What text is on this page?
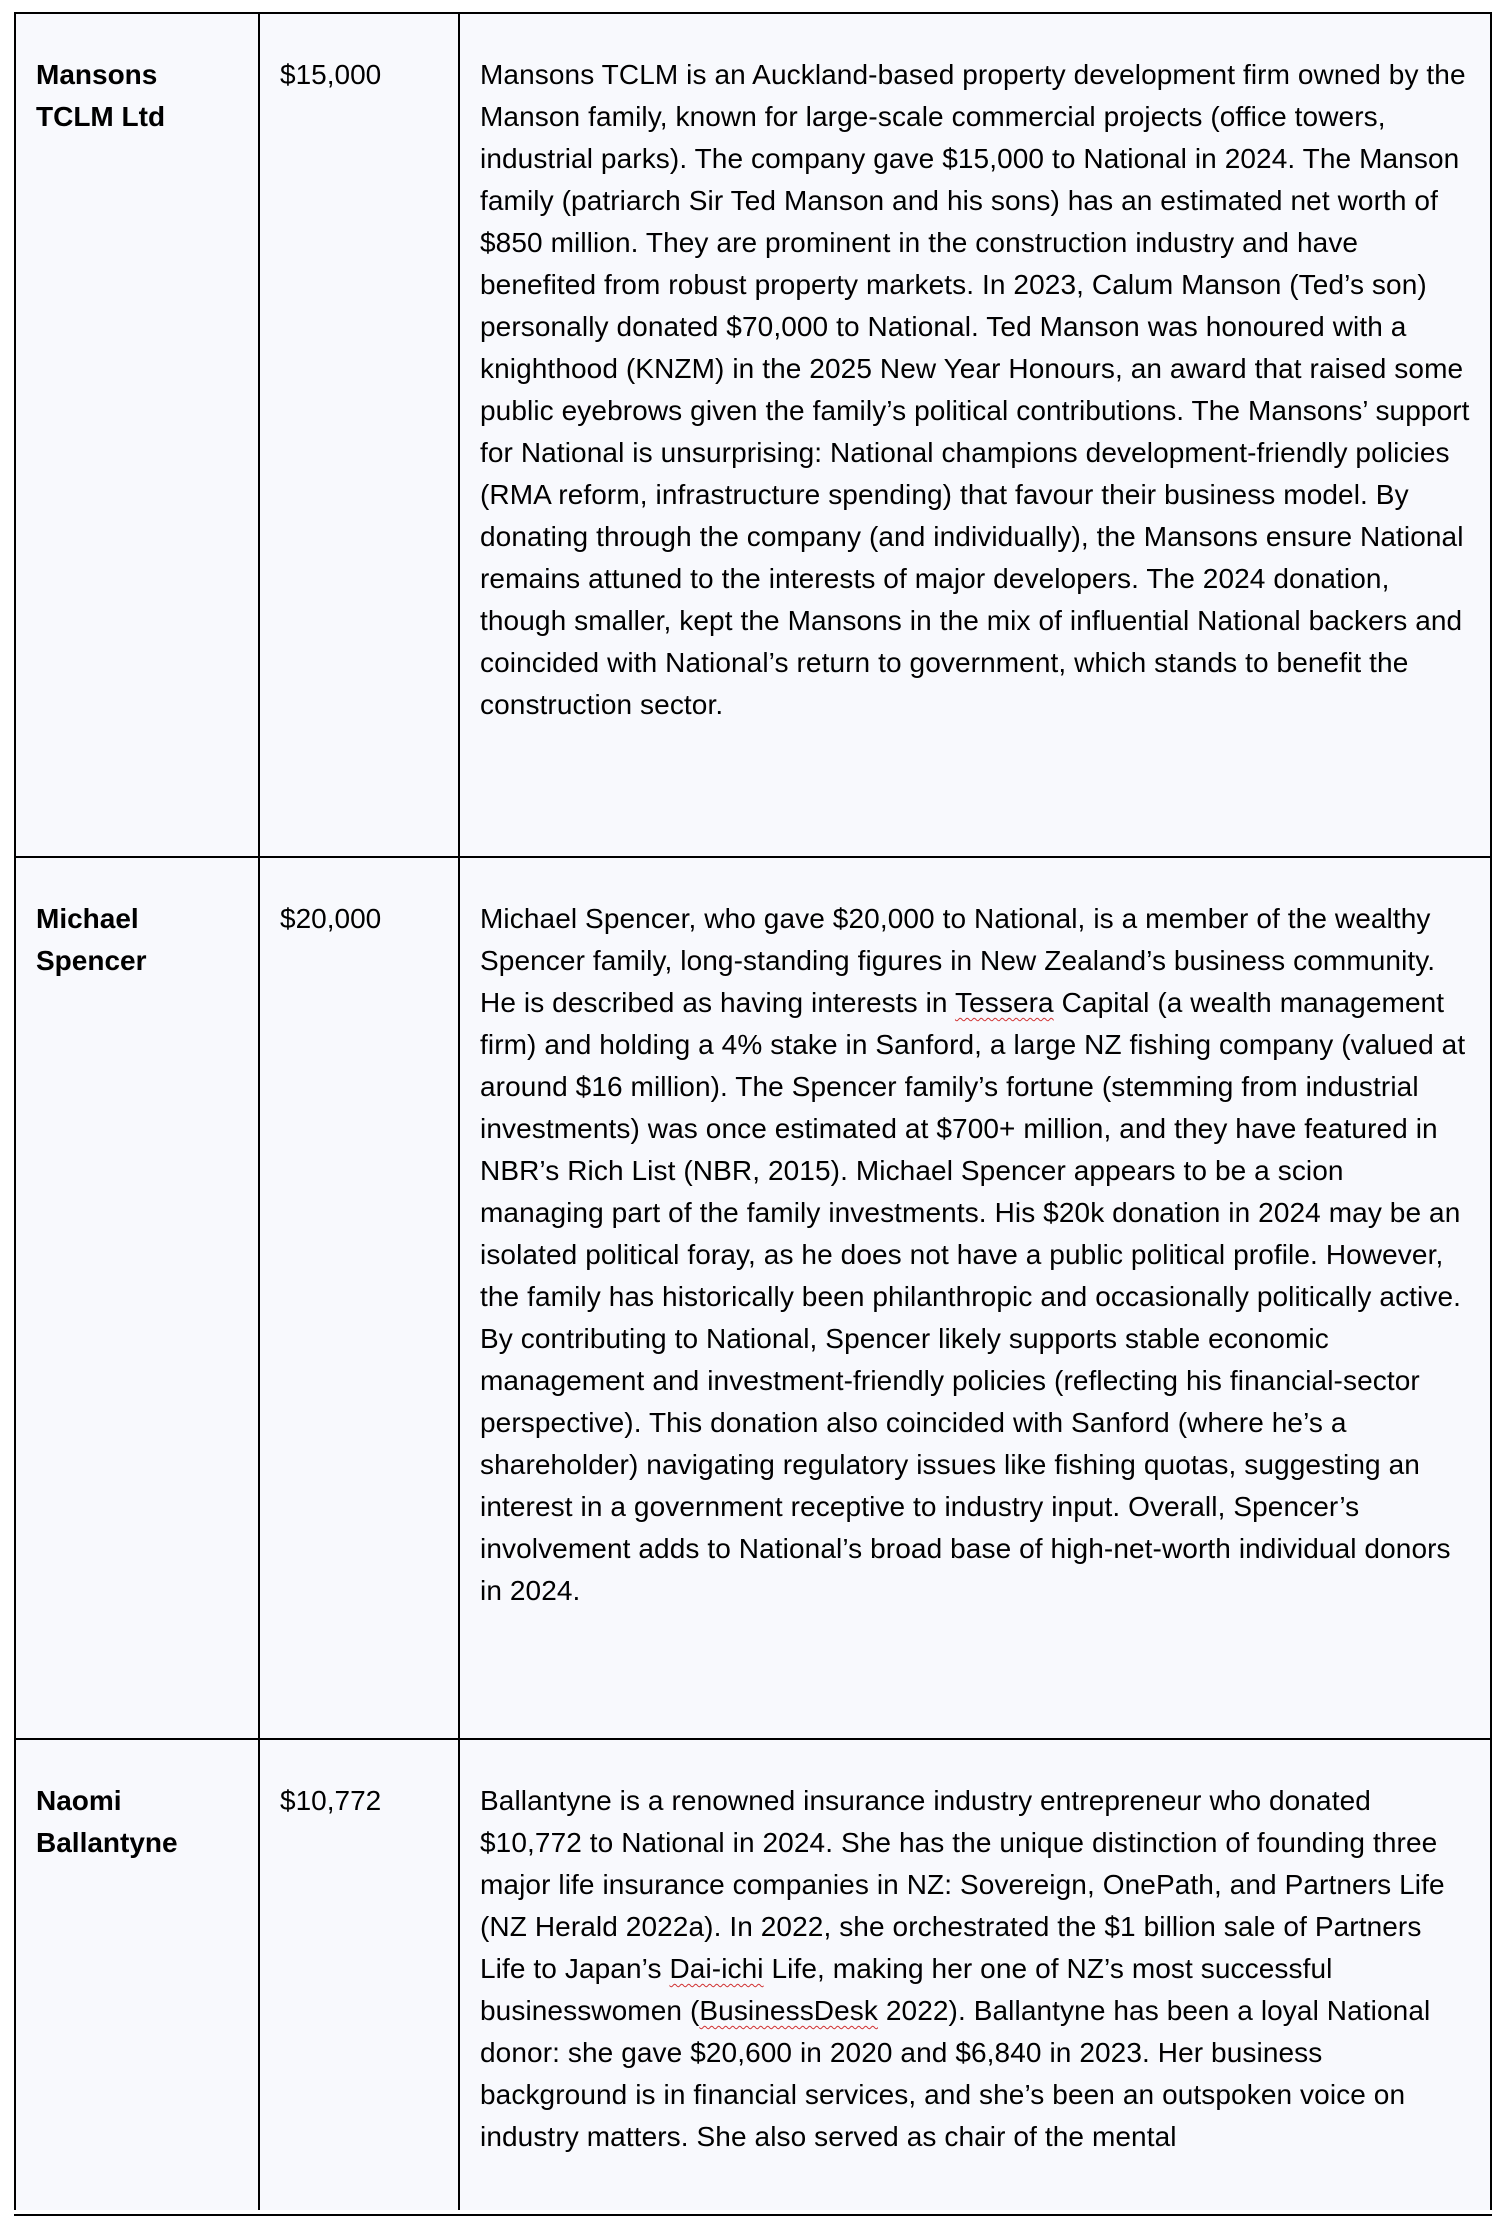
Mansons
TCLM Ltd	$15,000	Mansons TCLM is an Auckland-based property development firm owned by the Manson family, known for large-scale commercial projects (office towers, industrial parks). The company gave $15,000 to National in 2024. The Manson family (patriarch Sir Ted Manson and his sons) has an estimated net worth of $850 million. They are prominent in the construction industry and have benefited from robust property markets. In 2023, Calum Manson (Ted’s son) personally donated $70,000 to National. Ted Manson was honoured with a knighthood (KNZM) in the 2025 New Year Honours, an award that raised some public eyebrows given the family’s political contributions. The Mansons’ support for National is unsurprising: National champions development-friendly policies (RMA reform, infrastructure spending) that favour their business model. By donating through the company (and individually), the Mansons ensure National remains attuned to the interests of major developers. The 2024 donation, though smaller, kept the Mansons in the mix of influential National backers and coincided with National’s return to government, which stands to benefit the construction sector.

Michael
Spencer	$20,000	Michael Spencer, who gave $20,000 to National, is a member of the wealthy Spencer family, long-standing figures in New Zealand’s business community. He is described as having interests in Tessera Capital (a wealth management firm) and holding a 4% stake in Sanford, a large NZ fishing company (valued at around $16 million). The Spencer family’s fortune (stemming from industrial investments) was once estimated at $700+ million, and they have featured in NBR’s Rich List (NBR, 2015). Michael Spencer appears to be a scion managing part of the family investments. His $20k donation in 2024 may be an isolated political foray, as he does not have a public political profile. However, the family has historically been philanthropic and occasionally politically active. By contributing to National, Spencer likely supports stable economic management and investment-friendly policies (reflecting his financial-sector perspective). This donation also coincided with Sanford (where he’s a shareholder) navigating regulatory issues like fishing quotas, suggesting an interest in a government receptive to industry input. Overall, Spencer’s involvement adds to National’s broad base of high-net-worth individual donors in 2024.

Naomi
Ballantyne	$10,772	Ballantyne is a renowned insurance industry entrepreneur who donated $10,772 to National in 2024. She has the unique distinction of founding three major life insurance companies in NZ: Sovereign, OnePath, and Partners Life (NZ Herald 2022a). In 2022, she orchestrated the $1 billion sale of Partners Life to Japan’s Dai-ichi Life, making her one of NZ’s most successful businesswomen (BusinessDesk 2022). Ballantyne has been a loyal National donor: she gave $20,600 in 2020 and $6,840 in 2023. Her business background is in financial services, and she’s been an outspoken voice on industry matters. She also served as chair of the mental
